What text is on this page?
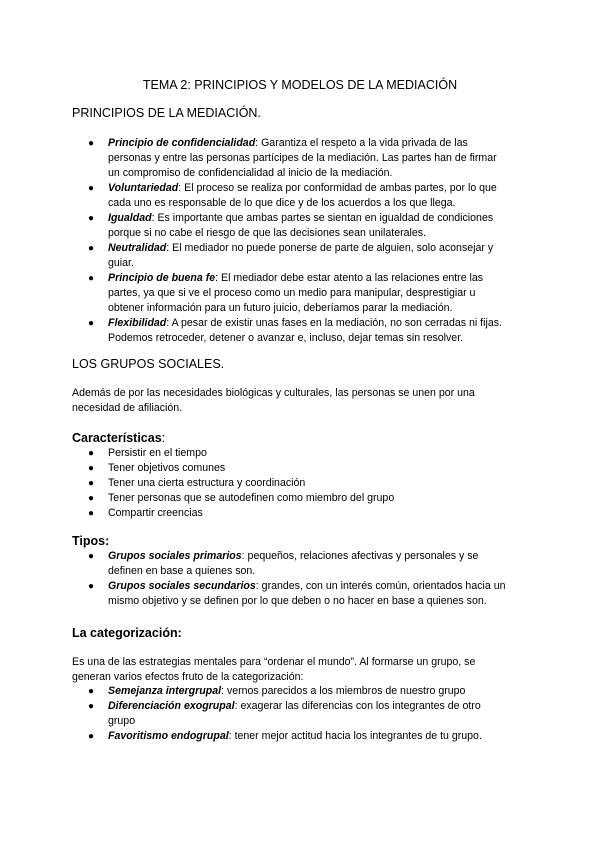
TEMA 2: PRINCIPIOS Y MODELOS DE LA MEDIACIÓN
PRINCIPIOS DE LA MEDIACIÓN.
● Principio de confidencialidad: Garantiza el respeto a la vida privada de las
personas y entre las personas partícipes de la mediación. Las partes han de firmar
un compromiso de confidencialidad al inicio de la mediación.
● Voluntariedad: El proceso se realiza por conformidad de ambas partes, por lo que
cada uno es responsable de lo que dice y de los acuerdos a los que llega.
● Igualdad: Es importante que ambas partes se sientan en igualdad de condiciones
porque si no cabe el riesgo de que las decisiones sean unilaterales.
● Neutralidad: El mediador no puede ponerse de parte de alguien, solo aconsejar y
guiar.
● Principio de buena fe: El mediador debe estar atento a las relaciones entre las
partes, ya que si ve el proceso como un medio para manipular, desprestigiar u
obtener información para un futuro juicio, deberíamos parar la mediación.
● Flexibilidad: A pesar de existir unas fases en la mediación, no son cerradas ni fijas.
Podemos retroceder, detener o avanzar e, incluso, dejar temas sin resolver.
LOS GRUPOS SOCIALES.

Además de por las necesidades biológicas y culturales, las personas se unen por una
necesidad de afiliación.

Características:
● Persistir en el tiempo
● Tener objetivos comunes
● Tener una cierta estructura y coordinación
● Tener personas que se autodefinen como miembro del grupo
● Compartir creencias
Tipos:
● Grupos sociales primarios: pequeños, relaciones afectivas y personales y se
definen en base a quienes son.
● Grupos sociales secundarios: grandes, con un interés común, orientados hacia un
mismo objetivo y se definen por lo que deben o no hacer en base a quienes son.
La categorización:

Es una de las estrategias mentales para “ordenar el mundo”. Al formarse un grupo, se
generan varios efectos fruto de la categorización:

● Semejanza intergrupal: vernos parecidos a los miembros de nuestro grupo
● Diferenciación exogrupal: exagerar las diferencias con los integrantes de otro
grupo
● Favoritismo endogrupal: tener mejor actitud hacia los integrantes de tu grupo.
